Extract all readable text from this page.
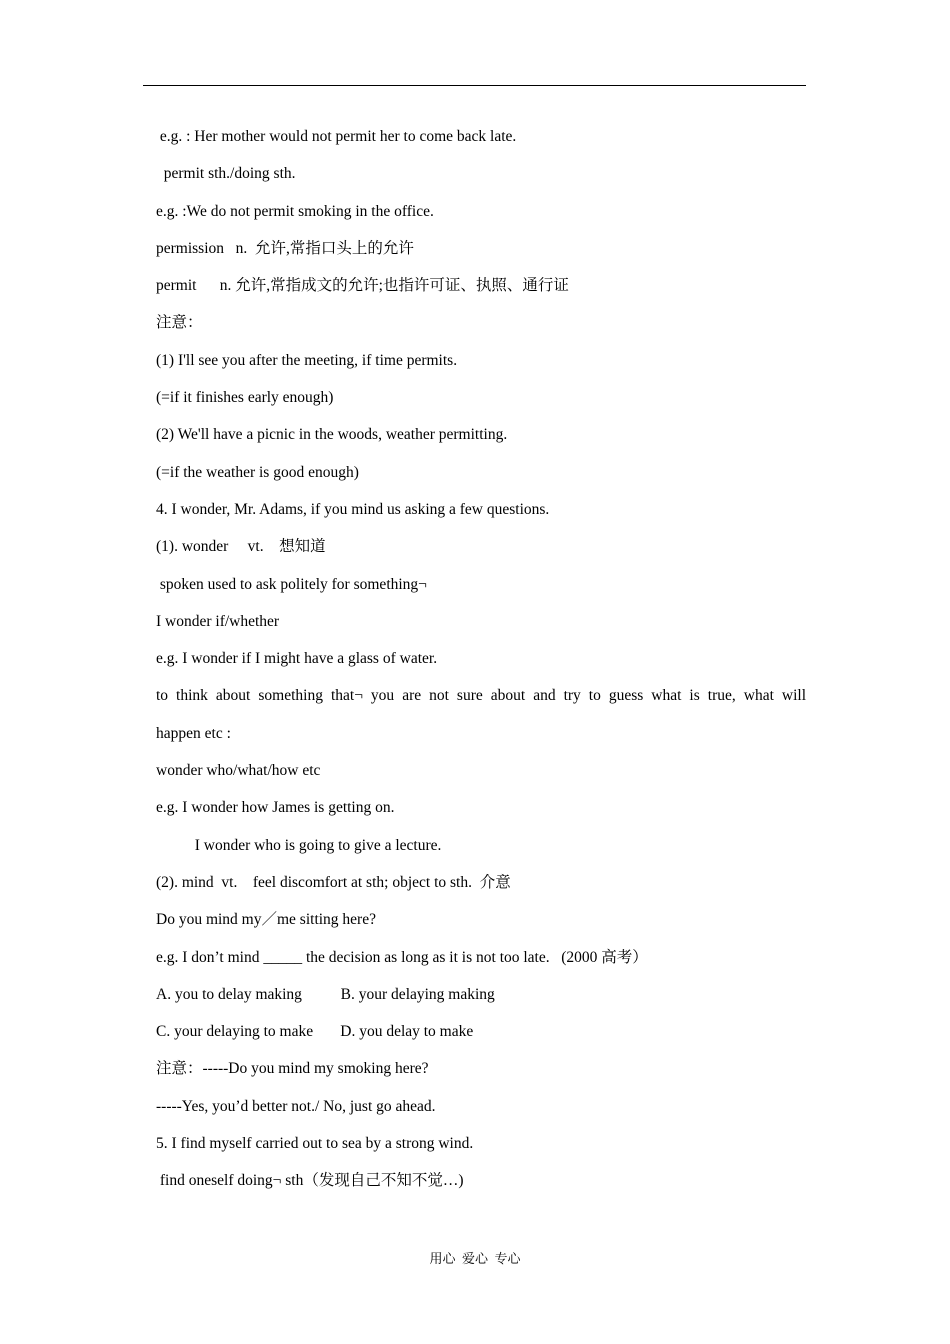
e.g. : Her mother would not permit her to come back late.
permit sth./doing sth.
e.g. :We do not permit smoking in the office.
permission   n.  允许,常指口头上的允许
permit      n. 允许,常指成文的允许;也指许可证、执照、通行证
注意：
(1) I'll see you after the meeting, if time permits.
(=if it finishes early enough)
(2) We'll have a picnic in the woods, weather permitting.
(=if the weather is good enough)
4. I wonder, Mr. Adams, if you mind us asking a few questions.
(1). wonder     vt.    想知道
spoken used to ask politely for something¬
I wonder if/whether
e.g. I wonder if I might have a glass of water.
to think about something that¬ you are not sure about and try to guess what is true, what will
happen etc :
wonder who/what/how etc
e.g. I wonder how James is getting on.
I wonder who is going to give a lecture.
(2). mind  vt.    feel discomfort at sth; object to sth.  介意
Do you mind my／me sitting here?
e.g. I don’t mind _____ the decision as long as it is not too late.   (2000 高考）
A. you to delay making          B. your delaying making
C. your delaying to make       D. you delay to make
注意：-----Do you mind my smoking here?
-----Yes, you’d better not./ No, just go ahead.
5. I find myself carried out to sea by a strong wind.
find oneself doing¬ sth（发现自己不知不觉…)
用心  爱心  专心
